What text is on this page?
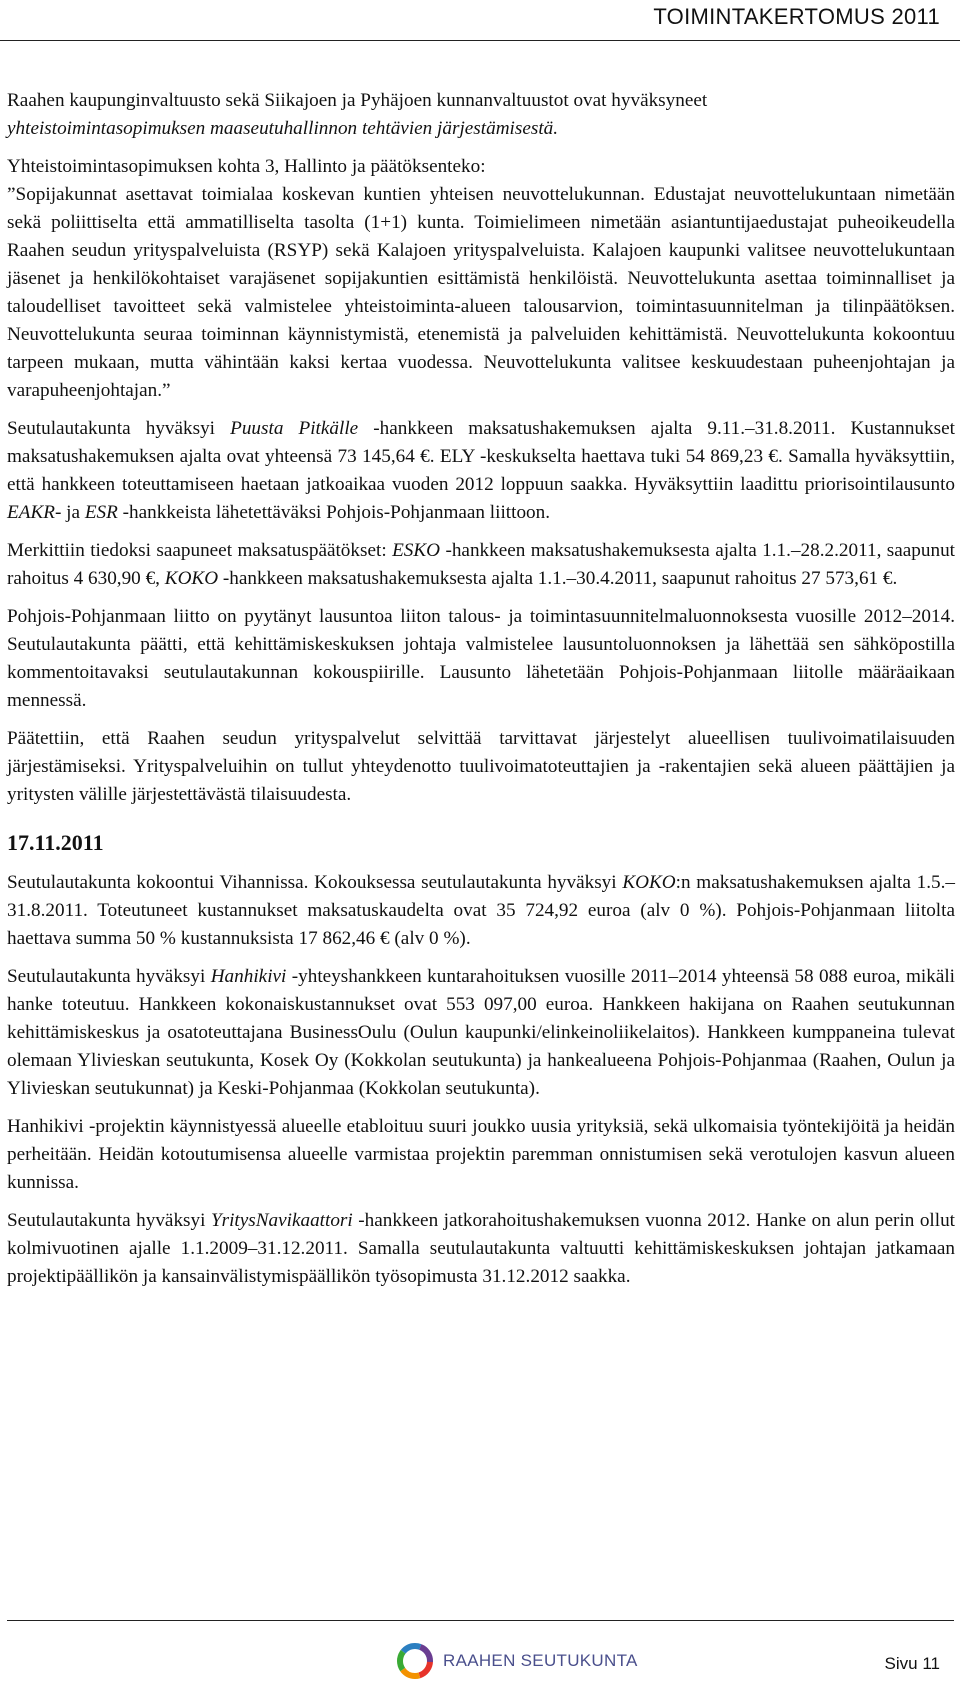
TOIMINTAKERTOMUS 2011

Raahen kaupunginvaltuusto sekä Siikajoen ja Pyhäjoen kunnanvaltuustot ovat hyväksyneet
yhteistoimintasopimuksen maaseutuhallinnon tehtävien järjestämisestä.

Yhteistoimintasopimuksen kohta 3, Hallinto ja päätöksenteko:
”Sopijakunnat asettavat toimialaa koskevan kuntien yhteisen neuvottelukunnan. Edustajat neuvottelukuntaan nimetään sekä poliittiselta että ammatilliselta tasolta (1+1) kunta. Toimielimeen nimetään asiantuntijaedustajat puheoikeudella Raahen seudun yrityspalveluista (RSYP) sekä Kalajoen yrityspalveluista. Kalajoen kaupunki valitsee neuvottelukuntaan jäsenet ja henkilökohtaiset varajäsenet sopijakuntien esittämistä henkilöistä. Neuvottelukunta asettaa toiminnalliset ja taloudelliset tavoitteet sekä valmistelee yhteistoiminta-alueen talousarvion, toimintasuunnitelman ja tilinpäätöksen. Neuvottelukunta seuraa toiminnan käynnistymistä, etenemistä ja palveluiden kehittämistä. Neuvottelukunta kokoontuu tarpeen mukaan, mutta vähintään kaksi kertaa vuodessa. Neuvottelukunta valitsee keskuudestaan puheenjohtajan ja varapuheenjohtajan.”

Seutulautakunta hyväksyi Puusta Pitkälle -hankkeen maksatushakemuksen ajalta 9.11.–31.8.2011. Kustannukset maksatushakemuksen ajalta ovat yhteensä 73 145,64 €. ELY -keskukselta haettava tuki 54 869,23 €. Samalla hyväksyttiin, että hankkeen toteuttamiseen haetaan jatkoaikaa vuoden 2012 loppuun saakka. Hyväksyttiin laadittu priorisointilausunto EAKR- ja ESR -hankkeista lähetettäväksi Pohjois-Pohjanmaan liittoon.

Merkittiin tiedoksi saapuneet maksatuspäätökset: ESKO -hankkeen maksatushakemuksesta ajalta 1.1.–28.2.2011, saapunut rahoitus 4 630,90 €, KOKO -hankkeen maksatushakemuksesta ajalta 1.1.–30.4.2011, saapunut rahoitus 27 573,61 €.

Pohjois-Pohjanmaan liitto on pyytänyt lausuntoa liiton talous- ja toimintasuunnitelmaluonnoksesta vuosille 2012–2014. Seutulautakunta päätti, että kehittämiskeskuksen johtaja valmistelee lausuntoluonnoksen ja lähettää sen sähköpostilla kommentoitavaksi seutulautakunnan kokouspiirille. Lausunto lähetetään Pohjois-Pohjanmaan liitolle määräaikaan mennessä.

Päätettiin, että Raahen seudun yrityspalvelut selvittää tarvittavat järjestelyt alueellisen tuulivoimatilaisuuden järjestämiseksi. Yrityspalveluihin on tullut yhteydenotto tuulivoimatoteuttajien ja -rakentajien sekä alueen päättäjien ja yritysten välille järjestettävästä tilaisuudesta.

17.11.2011

Seutulautakunta kokoontui Vihannissa. Kokouksessa seutulautakunta hyväksyi KOKO:n maksatushakemuksen ajalta 1.5.–31.8.2011. Toteutuneet kustannukset maksatuskaudelta ovat 35 724,92 euroa (alv 0 %). Pohjois-Pohjanmaan liitolta haettava summa 50 % kustannuksista 17 862,46 € (alv 0 %).

Seutulautakunta hyväksyi Hanhikivi -yhteyshankkeen kuntarahoituksen vuosille 2011–2014 yhteensä 58 088 euroa, mikäli hanke toteutuu. Hankkeen kokonaiskustannukset ovat 553 097,00 euroa. Hankkeen hakijana on Raahen seutukunnan kehittämiskeskus ja osatoteuttajana BusinessOulu (Oulun kaupunki/elinkeinoliikelaitos). Hankkeen kumppaneina tulevat olemaan Ylivieskan seutukunta, Kosek Oy (Kokkolan seutukunta) ja hankealueena Pohjois-Pohjanmaa (Raahen, Oulun ja Ylivieskan seutukunnat) ja Keski-Pohjanmaa (Kokkolan seutukunta).

Hanhikivi -projektin käynnistyessä alueelle etabloituu suuri joukko uusia yrityksiä, sekä ulkomaisia työntekijöitä ja heidän perheitään. Heidän kotoutumisensa alueelle varmistaa projektin paremman onnistumisen sekä verotulojen kasvun alueen kunnissa.

Seutulautakunta hyväksyi YritysNavikaattori -hankkeen jatkorahoitushakemuksen vuonna 2012. Hanke on alun perin ollut kolmivuotinen ajalle 1.1.2009–31.12.2011. Samalla seutulautakunta valtuutti kehittämiskeskuksen johtajan jatkamaan projektipäällikön ja kansainvälistymispäällikön työsopimusta 31.12.2012 saakka.

RAAHEN SEUTUKUNTA	Sivu 11
